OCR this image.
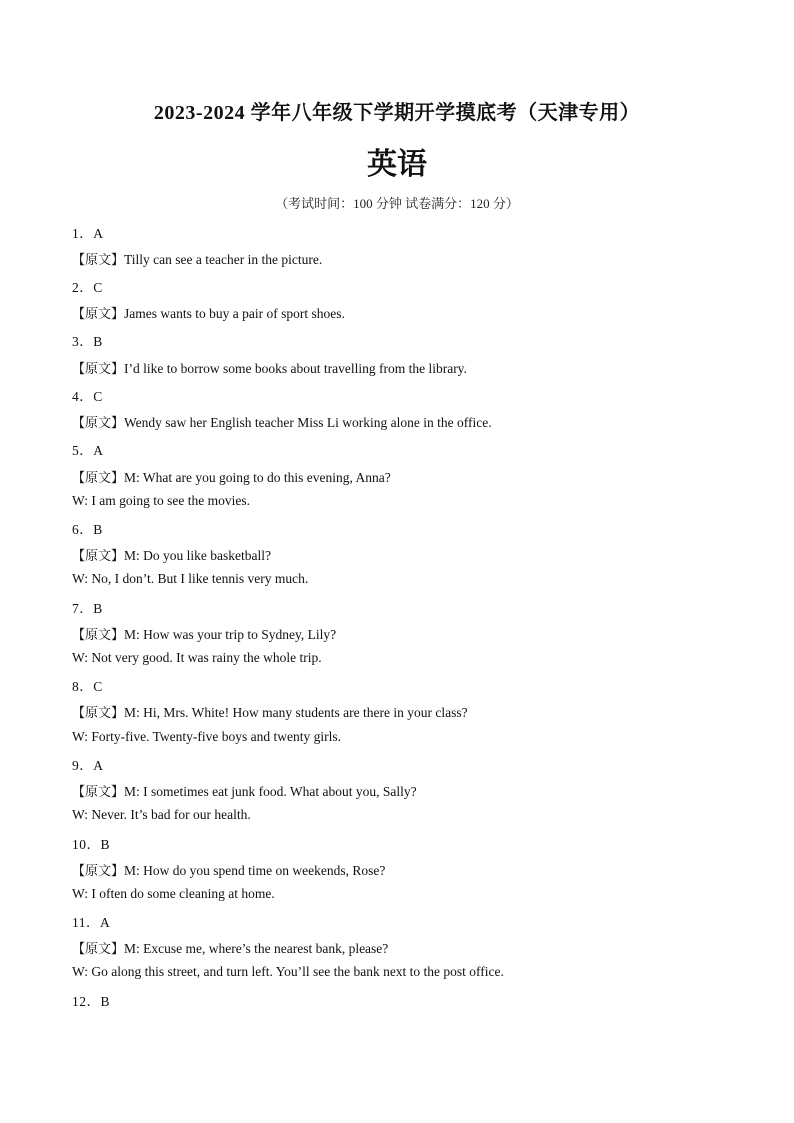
2023-2024 学年八年级下学期开学摸底考（天津专用）
英语
（考试时间：100 分钟 试卷满分：120 分）
1．A
【原文】Tilly can see a teacher in the picture.
2．C
【原文】James wants to buy a pair of sport shoes.
3．B
【原文】I’d like to borrow some books about travelling from the library.
4．C
【原文】Wendy saw her English teacher Miss Li working alone in the office.
5．A
【原文】M: What are you going to do this evening, Anna?
W: I am going to see the movies.
6．B
【原文】M: Do you like basketball?
W: No, I don’t. But I like tennis very much.
7．B
【原文】M: How was your trip to Sydney, Lily?
W: Not very good. It was rainy the whole trip.
8．C
【原文】M: Hi, Mrs. White! How many students are there in your class?
W: Forty-five. Twenty-five boys and twenty girls.
9．A
【原文】M: I sometimes eat junk food. What about you, Sally?
W: Never. It’s bad for our health.
10．B
【原文】M: How do you spend time on weekends, Rose?
W: I often do some cleaning at home.
11．A
【原文】M: Excuse me, where’s the nearest bank, please?
W: Go along this street, and turn left. You’ll see the bank next to the post office.
12．B
